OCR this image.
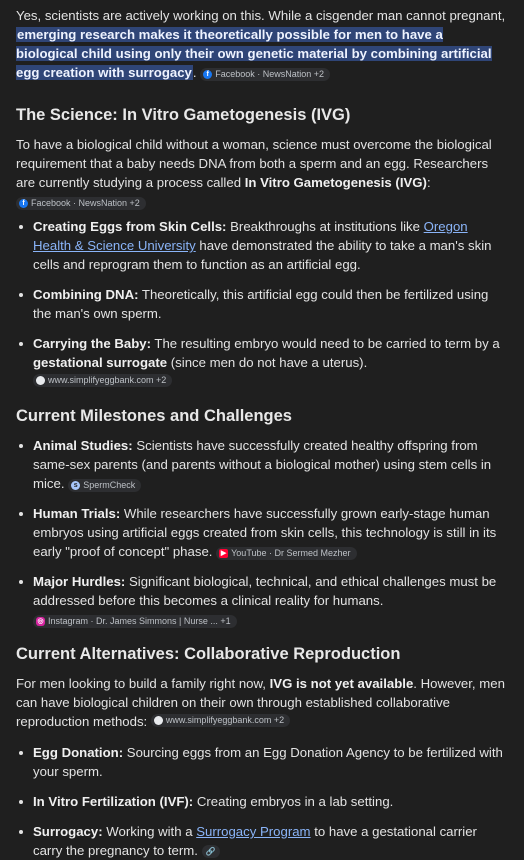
Yes, scientists are actively working on this. While a cisgender man cannot pregnant, emerging research makes it theoretically possible for men to have a biological child using only their own genetic material by combining artificial egg creation with surrogacy.	f Facebook · NewsNation +2

The Science: In Vitro Gametogenesis (IVG)

To have a biological child without a woman, science must overcome the biological requirement that a baby needs DNA from both a sperm and an egg. Researchers are currently studying a process called In Vitro Gametogenesis (IVG):
f Facebook · NewsNation +2

Creating Eggs from Skin Cells: Breakthroughs at institutions like Oregon Health & Science University have demonstrated the ability to take a man's skin cells and reprogram them to function as an artificial egg.
Combining DNA: Theoretically, this artificial egg could then be fertilized using the man's own sperm.
Carrying the Baby: The resulting embryo would need to be carried to term by a gestational surrogate (since men do not have a uterus).
www.simplifyeggbank.com +2
Current Milestones and Challenges
Animal Studies: Scientists have successfully created healthy offspring from same-sex parents (and parents without a biological mother) using stem cells in mice.	s SpermCheck
Human Trials: While researchers have successfully grown early-stage human embryos using artificial eggs created from skin cells, this technology is still in its early "proof of concept" phase. ▶ YouTube · Dr Sermed Mezher
Major Hurdles: Significant biological, technical, and ethical challenges must be addressed before this becomes a clinical reality for humans.
◎ Instagram · Dr. James Simmons | Nurse ... +1
Current Alternatives: Collaborative Reproduction

For men looking to build a family right now, IVG is not yet available. However, men can have biological children on their own through established collaborative reproduction methods: www.simplifyeggbank.com +2

Egg Donation: Sourcing eggs from an Egg Donation Agency to be fertilized with your sperm.
In Vitro Fertilization (IVF): Creating embryos in a lab setting.
Surrogacy: Working with a Surrogacy Program to have a gestational carrier carry the pregnancy to term. 🔗
